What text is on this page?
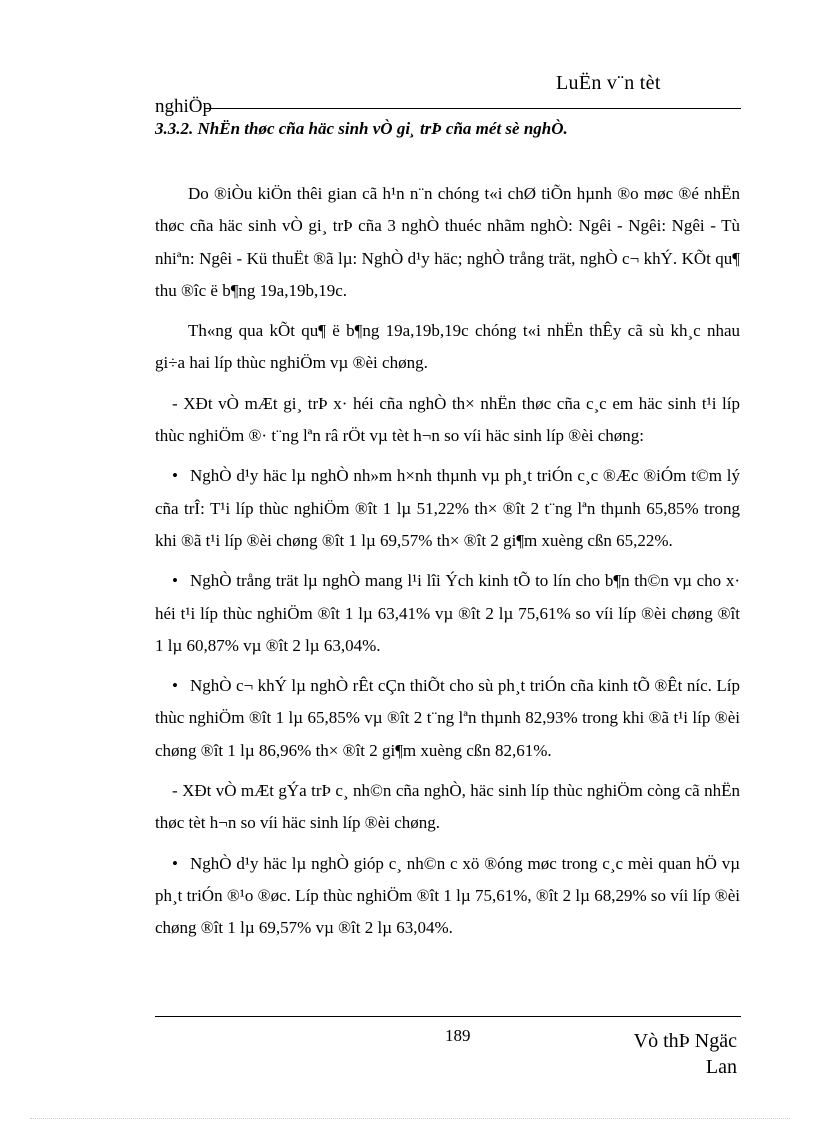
LuËn v¨n tèt
nghiÖp
3.3.2. NhËn thøc cña häc sinh vÒ gi¸ trÞ cña mét sè nghÒ.

Do ®iÒu kiÖn thêi gian cã h¹n n¨n chóng t«i chØ tiÕn hµnh ®o møc ®é nhËn thøc cña häc sinh vÒ gi¸ trÞ cña 3 nghÒ thuéc nhãm nghÒ: Ngêi - Ngêi: Ngêi - Tù nhiªn: Ngêi - Kü thuËt ®ã lµ: NghÒ d¹y häc; nghÒ trång trät, nghÒ c¬ khÝ. KÕt qu¶ thu ®îc ë b¶ng 19a,19b,19c.

Th«ng qua kÕt qu¶ ë b¶ng 19a,19b,19c chóng t«i nhËn thÊy cã sù kh¸c nhau gi÷a hai líp thùc nghiÖm vµ ®èi chøng.

- XÐt vÒ mÆt gi¸ trÞ x· héi cña nghÒ th× nhËn thøc cña c¸c em häc sinh t¹i líp thùc nghiÖm ®· t¨ng lªn râ rÖt vµ tèt h¬n so víi häc sinh líp ®èi chøng:

• NghÒ d¹y häc lµ nghÒ nh»m h×nh thµnh vµ ph¸t triÓn c¸c ®Æc ®iÓm t©m lý cña trÎ: T¹i líp thùc nghiÖm ®ît 1 lµ 51,22% th× ®ît 2 t¨ng lªn thµnh 65,85% trong khi ®ã t¹i líp ®èi chøng ®ît 1 lµ 69,57% th× ®ît 2 gi¶m xuèng cßn 65,22%.

• NghÒ trång trät lµ nghÒ mang l¹i lîi Ých kinh tÕ to lín cho b¶n th©n vµ cho x· héi t¹i líp thùc nghiÖm ®ît 1 lµ 63,41% vµ ®ît 2 lµ 75,61% so víi líp ®èi chøng ®ît 1 lµ 60,87% vµ ®ît 2 lµ 63,04%.

• NghÒ c¬ khÝ lµ nghÒ rÊt cÇn thiÕt cho sù ph¸t triÓn cña kinh tÕ ®Êt níc. Líp thùc nghiÖm ®ît 1 lµ 65,85% vµ ®ît 2 t¨ng lªn thµnh 82,93% trong khi ®ã t¹i líp ®èi chøng ®ît 1 lµ 86,96% th× ®ît 2 gi¶m xuèng cßn 82,61%.

- XÐt vÒ mÆt gÝa trÞ c¸ nh©n cña nghÒ, häc sinh líp thùc nghiÖm còng cã nhËn thøc tèt h¬n so víi häc sinh líp ®èi chøng.

• NghÒ d¹y häc lµ nghÒ gióp c¸ nh©n c xö ®óng møc trong c¸c mèi quan hÖ vµ ph¸t triÓn ®¹o ®øc. Líp thùc nghiÖm ®ît 1 lµ 75,61%, ®ît 2 lµ 68,29% so víi líp ®èi chøng ®ît 1 lµ 69,57% vµ ®ît 2 lµ 63,04%.

189	Vò thÞ Ngäc Lan
